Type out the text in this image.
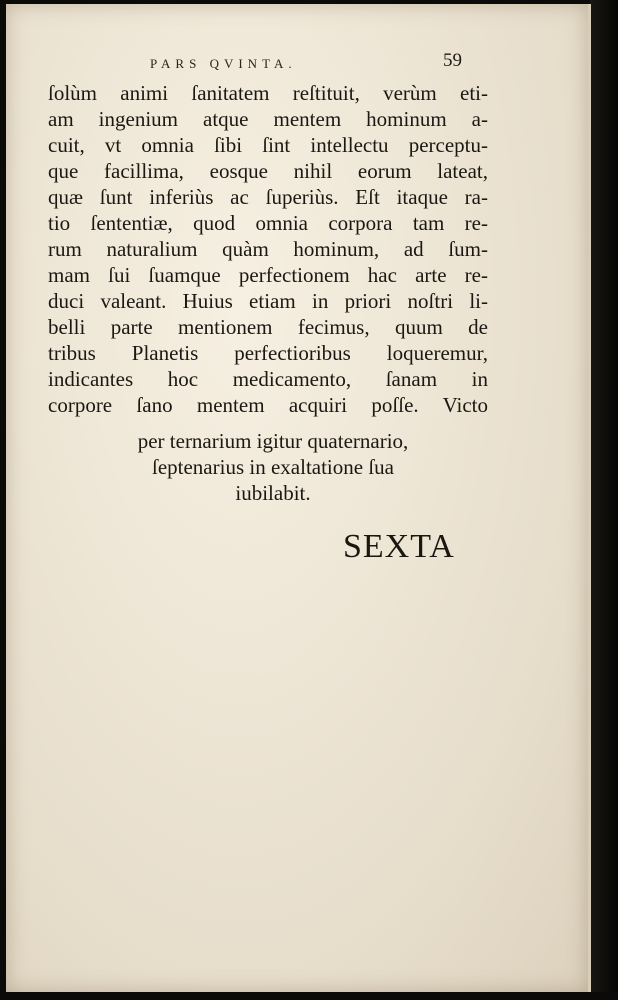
PARS QVINTA.	59
ſolùm animi ſanitatem reſtituit, verùm eti-
am ingenium atque mentem hominum a-
cuit, vt omnia ſibi ſint intellectu perceptu-
que facillima, eosque nihil eorum lateat,
quæ ſunt inferiùs ac ſuperiùs. Eſt itaque ra-
tio ſententiæ, quod omnia corpora tam re-
rum naturalium quàm hominum, ad ſum-
mam ſui ſuamque perfectionem hac arte re-
duci valeant. Huius etiam in priori noſtri li-
belli parte mentionem fecimus, quum de
tribus Planetis perfectioribus loqueremur,
indicantes hoc medicamento, ſanam in
corpore ſano mentem acquiri poſſe. Victo
per ternarium igitur quaternario,
ſeptenarius in exaltatione ſua
iubilabit.
SEXTA
